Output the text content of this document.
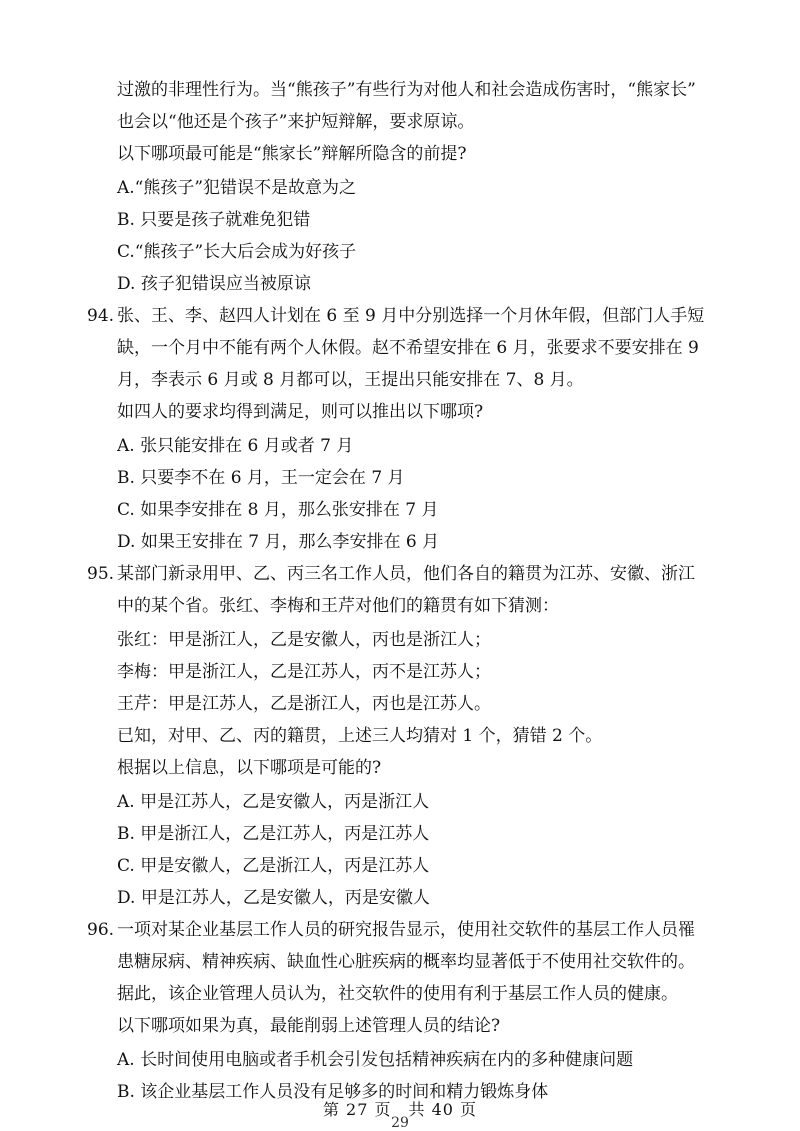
过激的非理性行为。当“熊孩子”有些行为对他人和社会造成伤害时，“熊家长”
也会以“他还是个孩子”来护短辩解，要求原谅。
以下哪项最可能是“熊家长”辩解所隐含的前提?
A.“熊孩子”犯错误不是故意为之
B. 只要是孩子就难免犯错
C.“熊孩子”长大后会成为好孩子
D. 孩子犯错误应当被原谅
94. 张、王、李、赵四人计划在 6 至 9 月中分别选择一个月休年假，但部门人手短
缺，一个月中不能有两个人休假。赵不希望安排在 6 月，张要求不要安排在 9
月，李表示 6 月或 8 月都可以，王提出只能安排在 7、8 月。
如四人的要求均得到满足，则可以推出以下哪项?
A. 张只能安排在 6 月或者 7 月
B. 只要李不在 6 月，王一定会在 7 月
C. 如果李安排在 8 月，那么张安排在 7 月
D. 如果王安排在 7 月，那么李安排在 6 月
95. 某部门新录用甲、乙、丙三名工作人员，他们各自的籍贯为江苏、安徽、浙江
中的某个省。张红、李梅和王芹对他们的籍贯有如下猜测：
张红：甲是浙江人，乙是安徽人，丙也是浙江人；
李梅：甲是浙江人，乙是江苏人，丙不是江苏人；
王芹：甲是江苏人，乙是浙江人，丙也是江苏人。
已知，对甲、乙、丙的籍贯，上述三人均猜对 1 个，猜错 2 个。
根据以上信息，以下哪项是可能的?
A. 甲是江苏人，乙是安徽人，丙是浙江人
B. 甲是浙江人，乙是江苏人，丙是江苏人
C. 甲是安徽人，乙是浙江人，丙是江苏人
D. 甲是江苏人，乙是安徽人，丙是安徽人
96. 一项对某企业基层工作人员的研究报告显示，使用社交软件的基层工作人员罹
患糖尿病、精神疾病、缺血性心脏疾病的概率均显著低于不使用社交软件的。
据此，该企业管理人员认为，社交软件的使用有利于基层工作人员的健康。
以下哪项如果为真，最能削弱上述管理人员的结论?
A. 长时间使用电脑或者手机会引发包括精神疾病在内的多种健康问题
B. 该企业基层工作人员没有足够多的时间和精力锻炼身体
第 27 页　共 40 页
29
